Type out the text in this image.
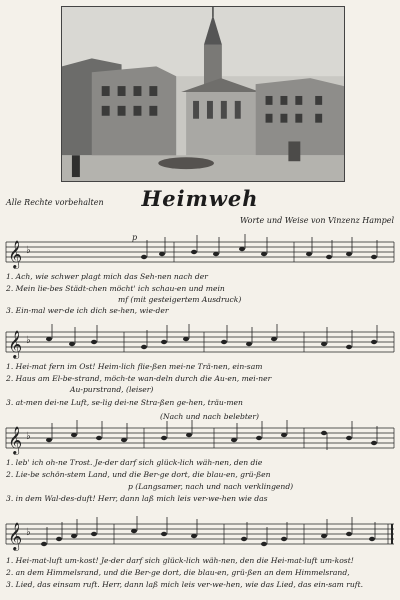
Alle Rechte vorbehalten	Heimweh
Worte und Weise von Vinzenz Hampel
𝄞 ♭
p
1. Ach, wie schwer plagt mich das Seh-nen nach der
2. Mein lie-bes Städt-chen möcht' ich schau-en und mein
mf (mit gesteigertem Ausdruck)
3. Ein-mal wer-de ich dich se-hen, wie-der
𝄞 ♭
1. Hei-mat fern im Ost! Heim-lich flie-ßen mei-ne Trä-nen, ein-sam
2. Haus am El-be-strand, möch-te wan-deln durch die Au-en, mei-ner
Au-purstrand, (leiser)
3. at-men dei-ne Luft, se-lig dei-ne Stra-ßen ge-hen, träu-men
(Nach und nach belebter)
𝄞 ♭
1. leb' ich oh-ne Trost. Je-der darf sich glück-lich wäh-nen, den die
2. Lie-be schön-stem Land, und die Ber-ge dort, die blau-en, grü-ßen
p (Langsamer, nach und nach verklingend)
3. in dem Wal-des-duft! Herr, dann laß mich leis ver-we-hen wie das
𝄞 ♭
1. Hei-mat-luft um-kost! Je-der darf sich glück-lich wäh-nen, den die Hei-mat-luft um-kost!
2. an dem Himmelsrand, und die Ber-ge dort, die blau-en, grü-ßen an dem Himmelsrand,
3. Lied, das einsam ruft. Herr, dann laß mich leis ver-we-hen, wie das Lied, das ein-sam ruft.
